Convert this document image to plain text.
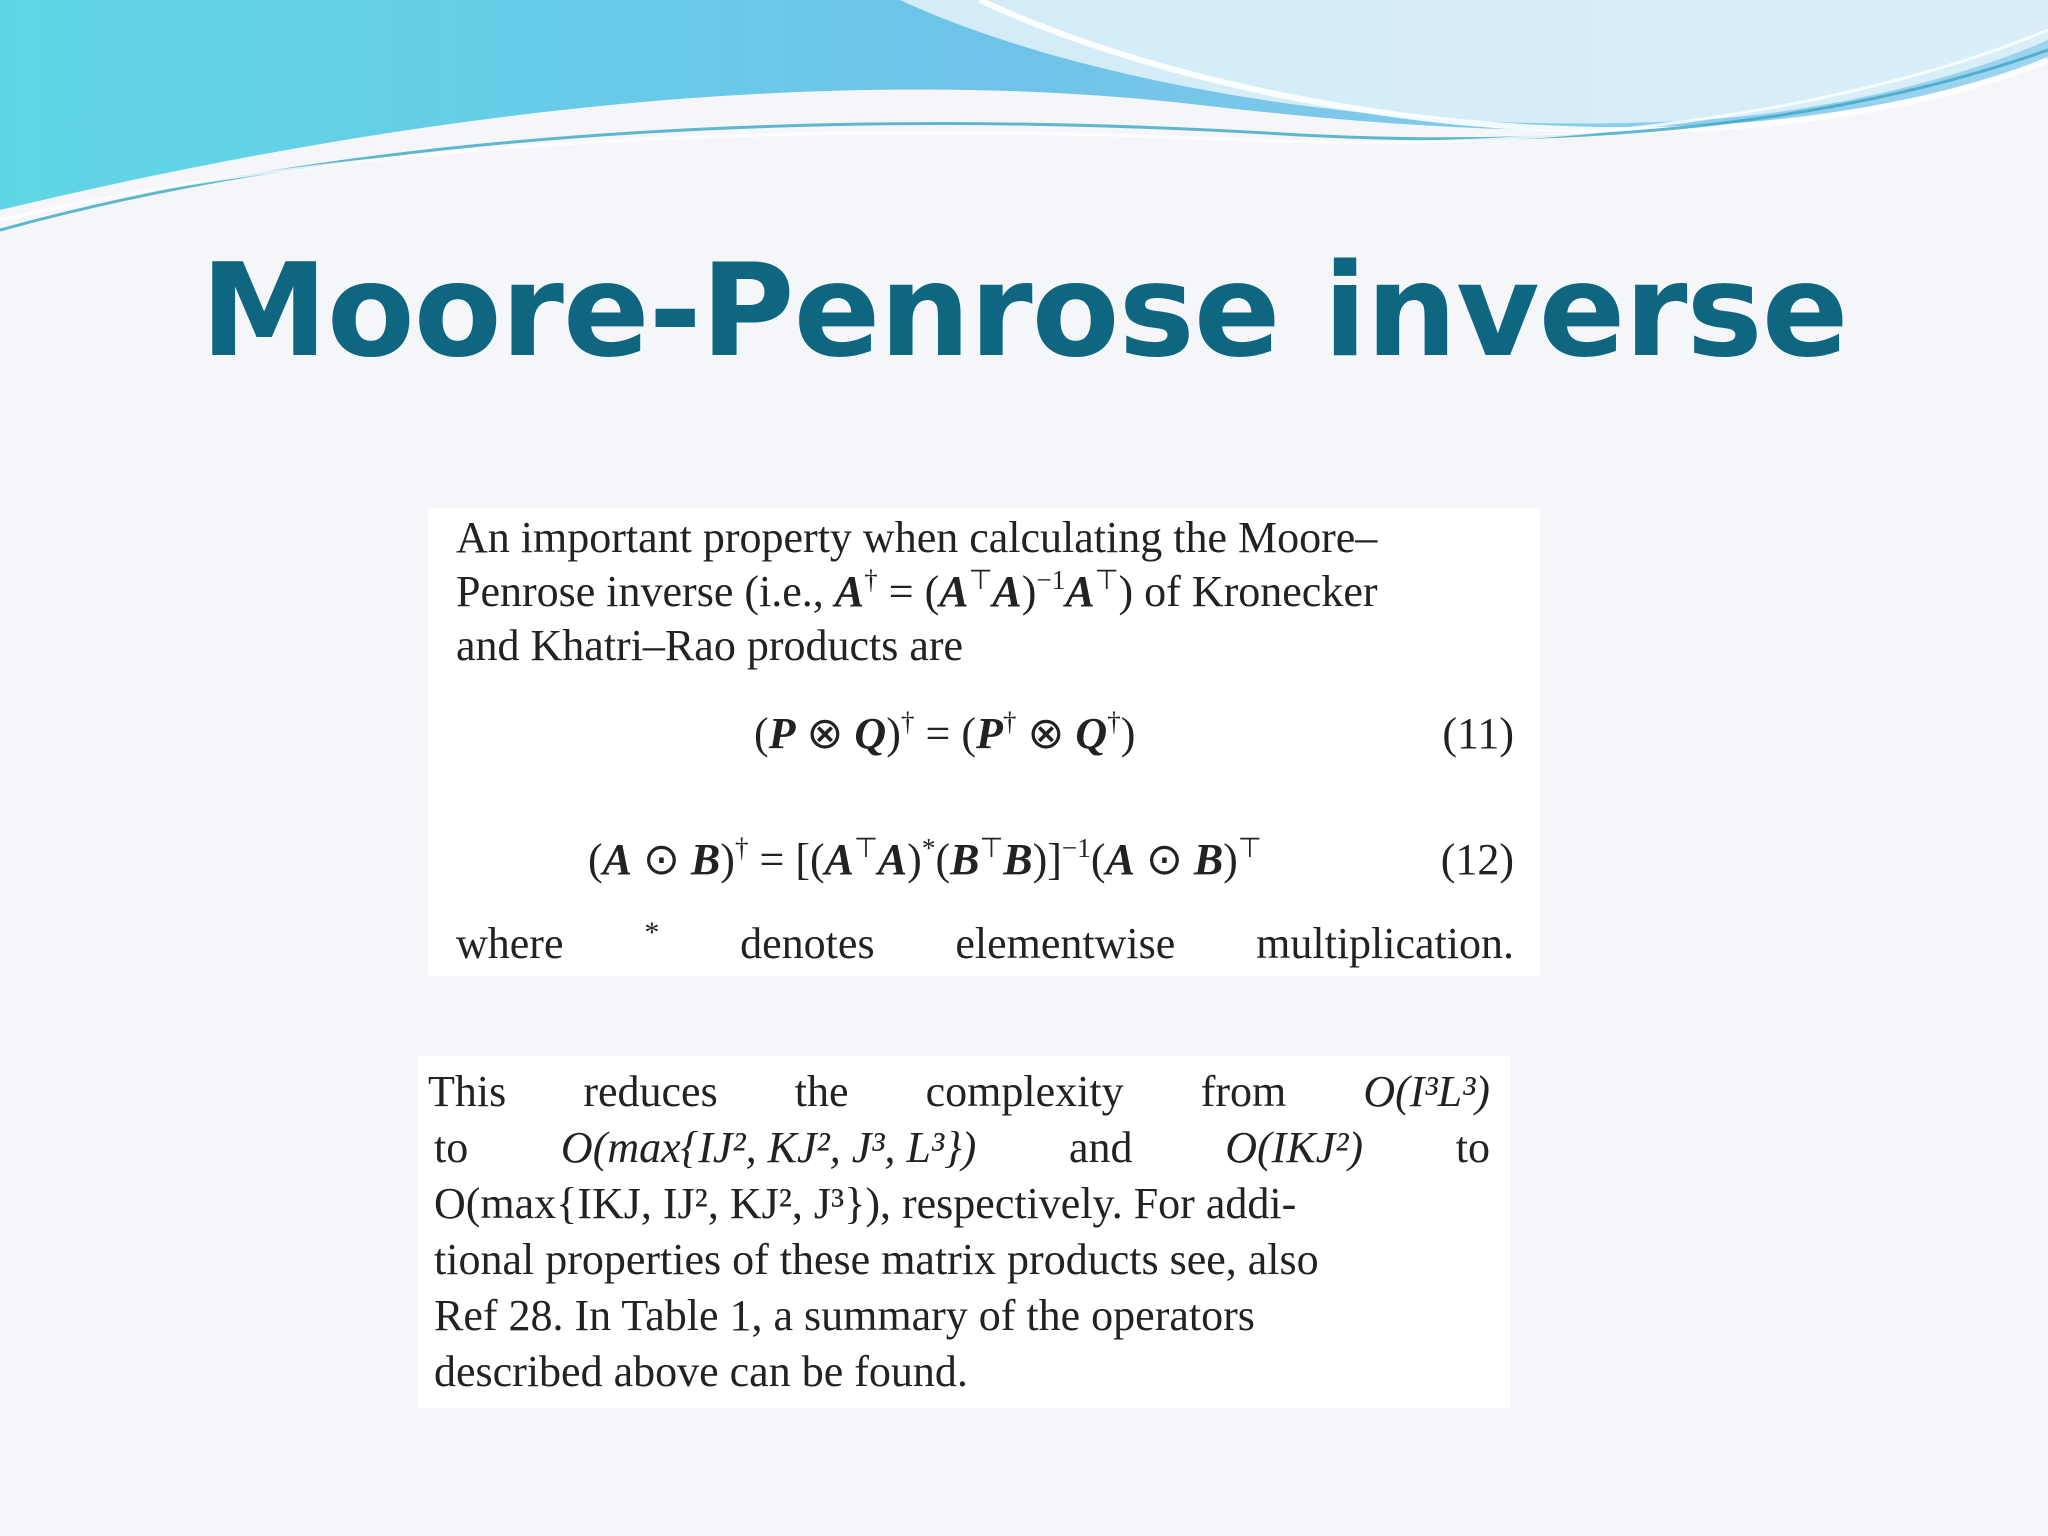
Moore-Penrose inverse
An important property when calculating the Moore–
Penrose inverse (i.e., $A^\dagger = (A^⊤A)^{-1}A^⊤$) of Kronecker
and Khatri–Rao products are
(P ⊗ Q)† = (P† ⊗ Q†)	(11)
(A ⊙ $B)^\dagger = [(A^⊤A)^*(B^⊤B)]^{-1}(A$ ⊙ B)⊤	(12)
where	* denotes elementwise multiplication.
This reduces the complexity from O(I³L³)
to O(max{IJ², KJ², J³, L³}) and O(IKJ²) to
O(max{IKJ, IJ², KJ², J³}), respectively. For addi-
tional properties of these matrix products see, also
Ref 28. In Table 1, a summary of the operators
described above can be found.
